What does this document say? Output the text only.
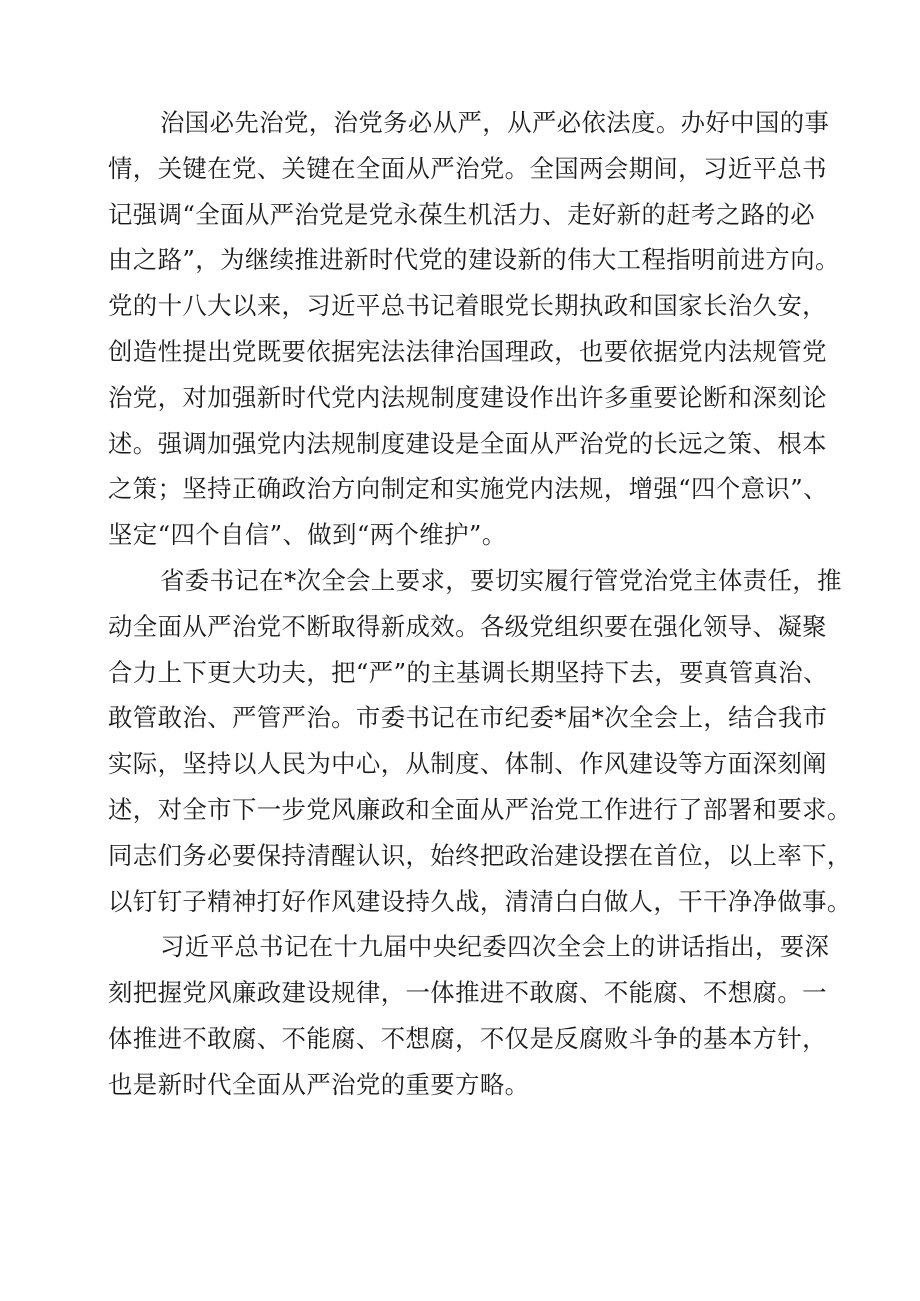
治国必先治党，治党务必从严，从严必依法度。办好中国的事
情，关键在党、关键在全面从严治党。全国两会期间，习近平总书
记强调“全面从严治党是党永葆生机活力、走好新的赶考之路的必
由之路”，为继续推进新时代党的建设新的伟大工程指明前进方向。
党的十八大以来，习近平总书记着眼党长期执政和国家长治久安，
创造性提出党既要依据宪法法律治国理政，也要依据党内法规管党
治党，对加强新时代党内法规制度建设作出许多重要论断和深刻论
述。强调加强党内法规制度建设是全面从严治党的长远之策、根本
之策；坚持正确政治方向制定和实施党内法规，增强“四个意识”、
坚定“四个自信”、做到“两个维护”。
省委书记在*次全会上要求，要切实履行管党治党主体责任，推
动全面从严治党不断取得新成效。各级党组织要在强化领导、凝聚
合力上下更大功夫，把“严”的主基调长期坚持下去，要真管真治、
敢管敢治、严管严治。市委书记在市纪委*届*次全会上，结合我市
实际，坚持以人民为中心，从制度、体制、作风建设等方面深刻阐
述，对全市下一步党风廉政和全面从严治党工作进行了部署和要求。
同志们务必要保持清醒认识，始终把政治建设摆在首位，以上率下，
以钉钉子精神打好作风建设持久战，清清白白做人，干干净净做事。
习近平总书记在十九届中央纪委四次全会上的讲话指出，要深
刻把握党风廉政建设规律，一体推进不敢腐、不能腐、不想腐。一
体推进不敢腐、不能腐、不想腐，不仅是反腐败斗争的基本方针，
也是新时代全面从严治党的重要方略。
